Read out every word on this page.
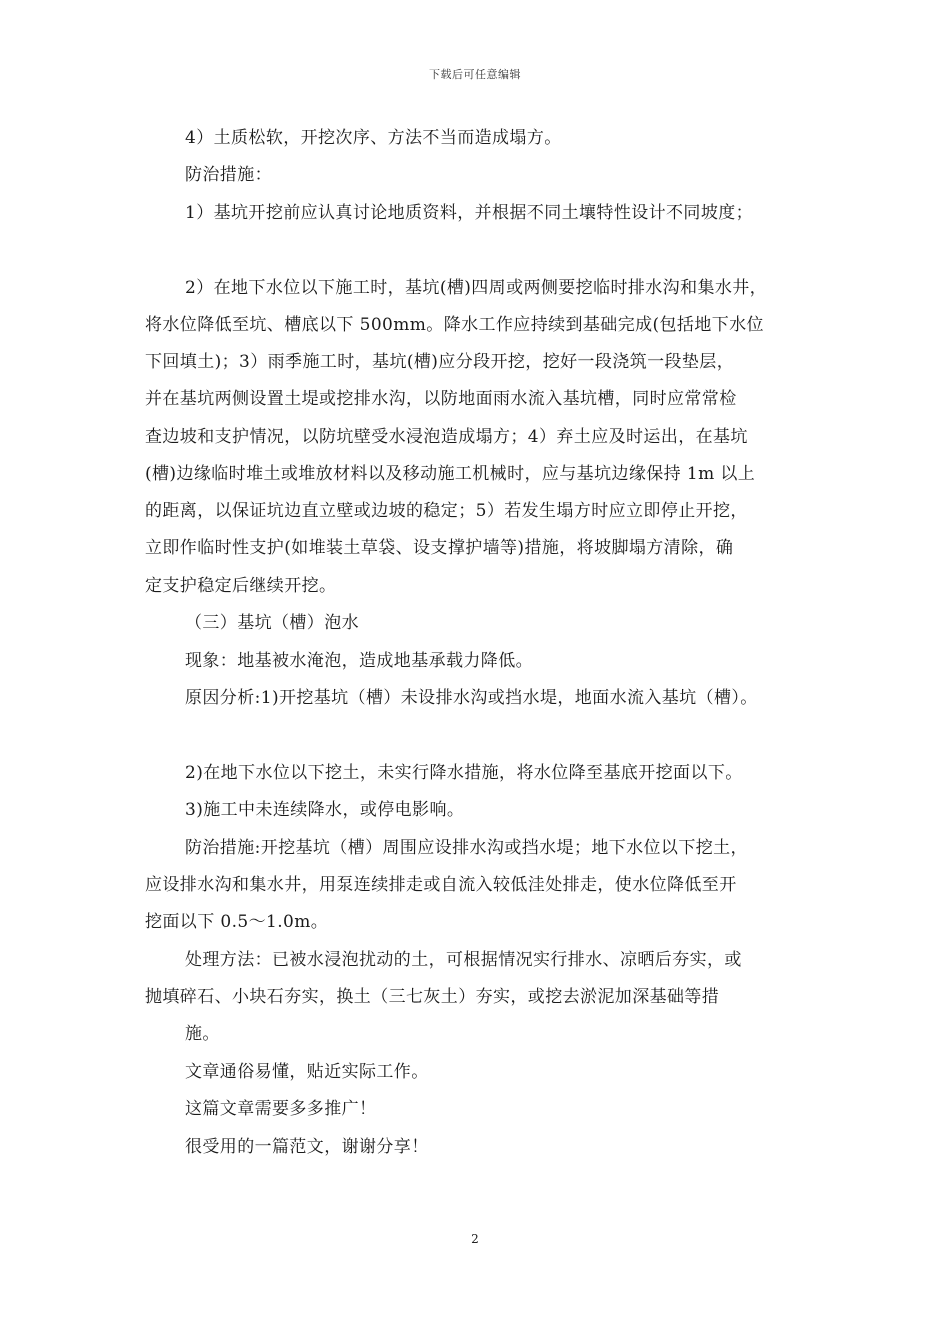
下载后可任意编辑
4）土质松软，开挖次序、方法不当而造成塌方。
防治措施：
1）基坑开挖前应认真讨论地质资料，并根据不同土壤特性设计不同坡度；
2）在地下水位以下施工时，基坑(槽)四周或两侧要挖临时排水沟和集水井，
将水位降低至坑、槽底以下 500mm。降水工作应持续到基础完成(包括地下水位
下回填土)；3）雨季施工时，基坑(槽)应分段开挖，挖好一段浇筑一段垫层，
并在基坑两侧设置土堤或挖排水沟，以防地面雨水流入基坑槽，同时应常常检
查边坡和支护情况，以防坑壁受水浸泡造成塌方；4）弃土应及时运出，在基坑
(槽)边缘临时堆土或堆放材料以及移动施工机械时，应与基坑边缘保持 1m 以上
的距离，以保证坑边直立壁或边坡的稳定；5）若发生塌方时应立即停止开挖，
立即作临时性支护(如堆装土草袋、设支撑护墙等)措施，将坡脚塌方清除，确
定支护稳定后继续开挖。
（三）基坑（槽）泡水
现象：地基被水淹泡，造成地基承载力降低。
原因分析:1)开挖基坑（槽）未设排水沟或挡水堤，地面水流入基坑（槽）。
2)在地下水位以下挖土，未实行降水措施，将水位降至基底开挖面以下。
3)施工中未连续降水，或停电影响。
防治措施:开挖基坑（槽）周围应设排水沟或挡水堤；地下水位以下挖土，
应设排水沟和集水井，用泵连续排走或自流入较低洼处排走，使水位降低至开
挖面以下 0.5～1.0m。
处理方法：已被水浸泡扰动的土，可根据情况实行排水、凉晒后夯实，或
抛填碎石、小块石夯实，换土（三七灰土）夯实，或挖去淤泥加深基础等措
施。
文章通俗易懂，贴近实际工作。
这篇文章需要多多推广！
很受用的一篇范文，谢谢分享！
2
